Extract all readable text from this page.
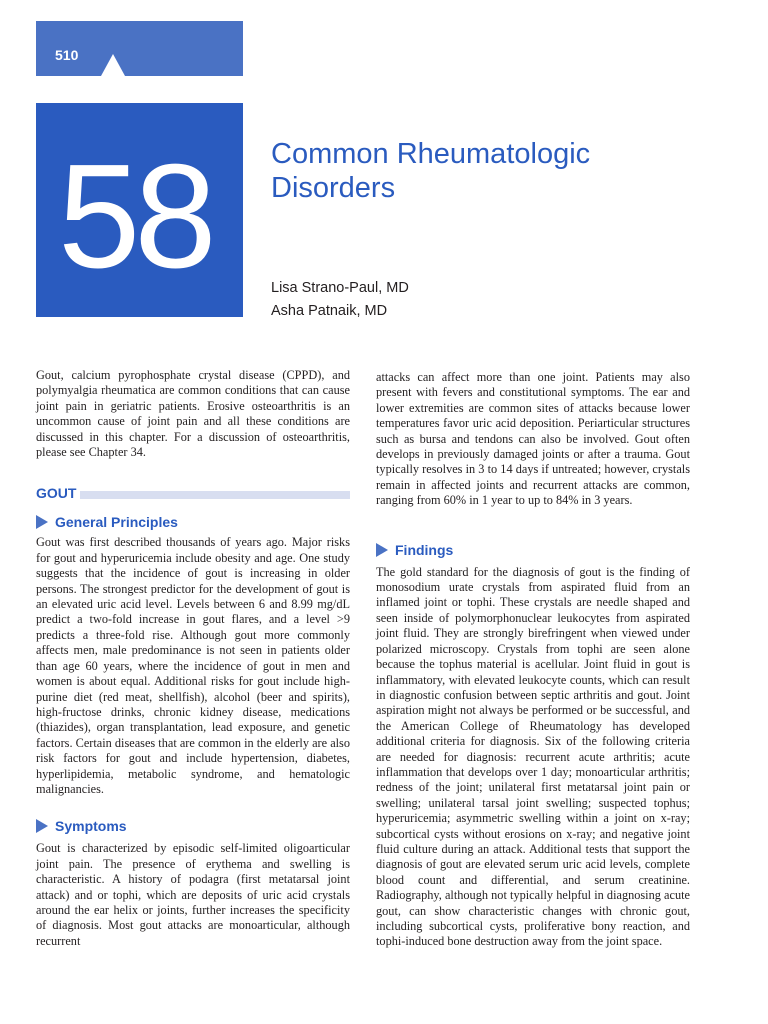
510
58 Common Rheumatologic
Disorders
Lisa Strano-Paul, MD
Asha Patnaik, MD

Gout, calcium pyrophosphate crystal disease (CPPD), and polymyalgia rheumatica are common conditions that can cause joint pain in geriatric patients. Erosive osteoarthritis is an uncommon cause of joint pain and all these conditions are discussed in this chapter. For a discussion of osteoarthritis, please see Chapter 34.

GOUT
General Principles

Gout was first described thousands of years ago. Major risks for gout and hyperuricemia include obesity and age. One study suggests that the incidence of gout is increasing in older persons. The strongest predictor for the development of gout is an elevated uric acid level. Levels between 6 and 8.99 mg/dL predict a two-fold increase in gout flares, and a level >9 predicts a three-fold rise. Although gout more commonly affects men, male predominance is not seen in patients older than age 60 years, where the incidence of gout in men and women is about equal. Additional risks for gout include high-purine diet (red meat, shellfish), alcohol (beer and spirits), high-fructose drinks, chronic kidney disease, medications (thiazides), organ transplantation, lead exposure, and genetic factors. Certain diseases that are common in the elderly are also risk factors for gout and include hypertension, diabetes, hyperlipidemia, metabolic syndrome, and hematologic malignancies.

Symptoms

Gout is characterized by episodic self-limited oligoarticular joint pain. The presence of erythema and swelling is characteristic. A history of podagra (first metatarsal joint attack) and or tophi, which are deposits of uric acid crystals around the ear helix or joints, further increases the specificity of diagnosis. Most gout attacks are monoarticular, although recurrent

attacks can affect more than one joint. Patients may also present with fevers and constitutional symptoms. The ear and lower extremities are common sites of attacks because lower temperatures favor uric acid deposition. Periarticular structures such as bursa and tendons can also be involved. Gout often develops in previously damaged joints or after a trauma. Gout typically resolves in 3 to 14 days if untreated; however, crystals remain in affected joints and recurrent attacks are common, ranging from 60% in 1 year to up to 84% in 3 years.

Findings

The gold standard for the diagnosis of gout is the finding of monosodium urate crystals from aspirated fluid from an inflamed joint or tophi. These crystals are needle shaped and seen inside of polymorphonuclear leukocytes from aspirated joint fluid. They are strongly birefringent when viewed under polarized microscopy. Crystals from tophi are seen alone because the tophus material is acellular. Joint fluid in gout is inflammatory, with elevated leukocyte counts, which can result in diagnostic confusion between septic arthritis and gout. Joint aspiration might not always be performed or be successful, and the American College of Rheumatology has developed additional criteria for diagnosis. Six of the following criteria are needed for diagnosis: recurrent acute arthritis; acute inflammation that develops over 1 day; monoarticular arthritis; redness of the joint; unilateral first metatarsal joint pain or swelling; unilateral tarsal joint swelling; suspected tophus; hyperuricemia; asymmetric swelling within a joint on x-ray; subcortical cysts without erosions on x-ray; and negative joint fluid culture during an attack. Additional tests that support the diagnosis of gout are elevated serum uric acid levels, complete blood count and differential, and serum creatinine. Radiography, although not typically helpful in diagnosing acute gout, can show characteristic changes with chronic gout, including subcortical cysts, proliferative bony reaction, and tophi-induced bone destruction away from the joint space.
